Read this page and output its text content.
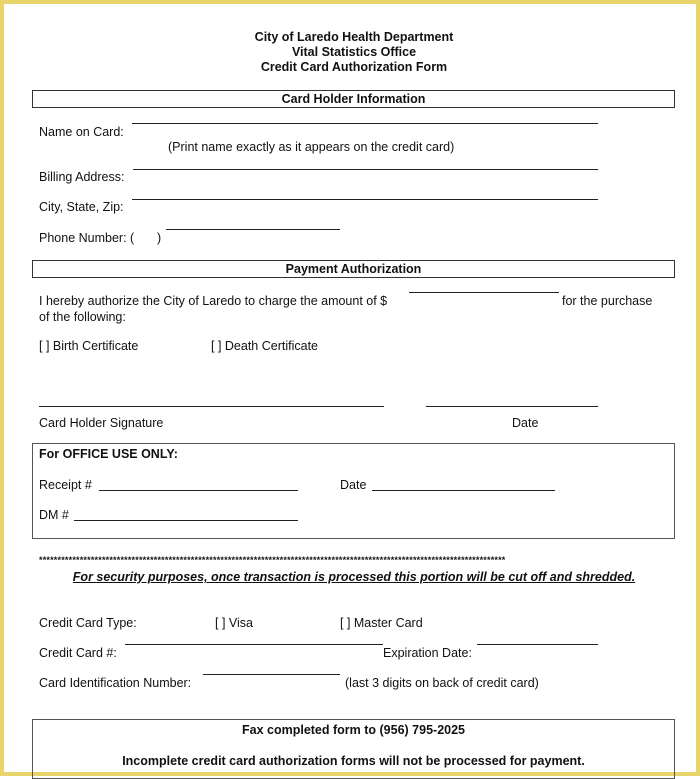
City of Laredo Health Department
Vital Statistics Office
Credit Card Authorization Form
Card Holder Information
Name on Card:
(Print name exactly as it appears on the credit card)
Billing Address:
City, State, Zip:
Phone Number: ( )
Payment Authorization
I hereby authorize the City of Laredo to charge the amount of $	for the purchase
of the following:
[ ] Birth Certificate	[ ] Death Certificate
Card Holder Signature	Date
For OFFICE USE ONLY:
Receipt #	Date
DM #
******************************************************************************************************************************
For security purposes, once transaction is processed this portion will be cut off and shredded.
Credit Card Type:	[ ] Visa	[ ] Master Card
Credit Card #:	Expiration Date:
Card Identification Number:	(last 3 digits on back of credit card)
Fax completed form to (956) 795-2025
Incomplete credit card authorization forms will not be processed for payment.
